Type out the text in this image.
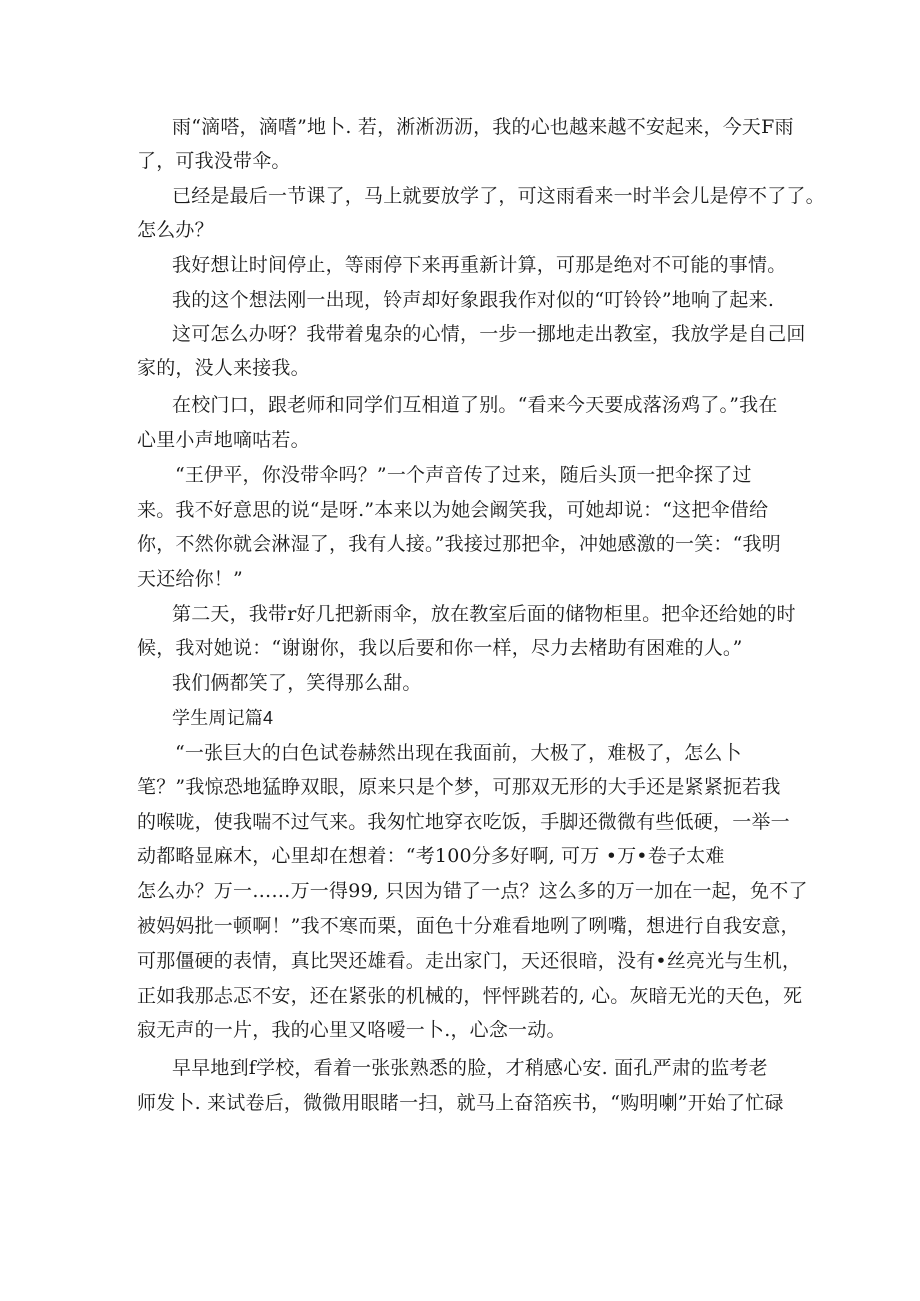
雨“滴嗒，滴嗜”地卜. 若，淅淅沥沥，我的心也越来越不安起来，今天F雨
了，可我没带伞。
已经是最后一节课了，马上就要放学了，可这雨看来一时半会儿是停不了了。
怎么办？
我好想让时间停止，等雨停下来再重新计算，可那是绝对不可能的事情。
我的这个想法刚一出现，铃声却好象跟我作对似的“叮铃铃”地响了起来.
这可怎么办呀？我带着鬼杂的心情，一步一挪地走出教室，我放学是自己回
家的，没人来接我。
在校门口，跟老师和同学们互相道了别。“看来今天要成落汤鸡了。”我在
心里小声地嘀咕若。
“王伊平，你没带伞吗？”一个声音传了过来，随后头顶一把伞探了过
来。我不好意思的说“是呀.”本来以为她会阚笑我，可她却说：“这把伞借给
你，不然你就会淋湿了，我有人接。”我接过那把伞，冲她感激的一笑：“我明
天还给你！”
第二天，我带r好几把新雨伞，放在教室后面的储物柜里。把伞还给她的时
候，我对她说：“谢谢你，我以后要和你一样，尽力去楮助有困难的人。”
我们俩都笑了，笑得那么甜。
学生周记篇4
“一张巨大的白色试卷赫然出现在我面前，大极了，难极了，怎么卜
笔？”我惊恐地猛睁双眼，原来只是个梦，可那双无形的大手还是紧紧扼若我
的喉咙，使我喘不过气来。我匆忙地穿衣吃饭，手脚还微微有些低硬，一举一
动都略显麻木，心里却在想着：“考100分多好啊, 可万 •万•卷子太难
怎么办？万一……万一得99, 只因为错了一点？这么多的万一加在一起，免不了
被妈妈批一顿啊！”我不寒而栗，面色十分难看地咧了咧嘴，想进行自我安意，
可那僵硬的表情，真比哭还雄看。走出家门，天还很暗，没有•丝亮光与生机，
正如我那忐忑不安，还在紧张的机械的，怦怦跳若的, 心。灰暗无光的天色，死
寂无声的一片，我的心里又咯嗳一卜.，心念一动。
早早地到f学校，看着一张张熟悉的脸，才稍感心安. 面孔严肃的监考老
师发卜. 来试卷后，微微用眼睹一扫，就马上奋箔疾书，“购明喇”开始了忙碌
